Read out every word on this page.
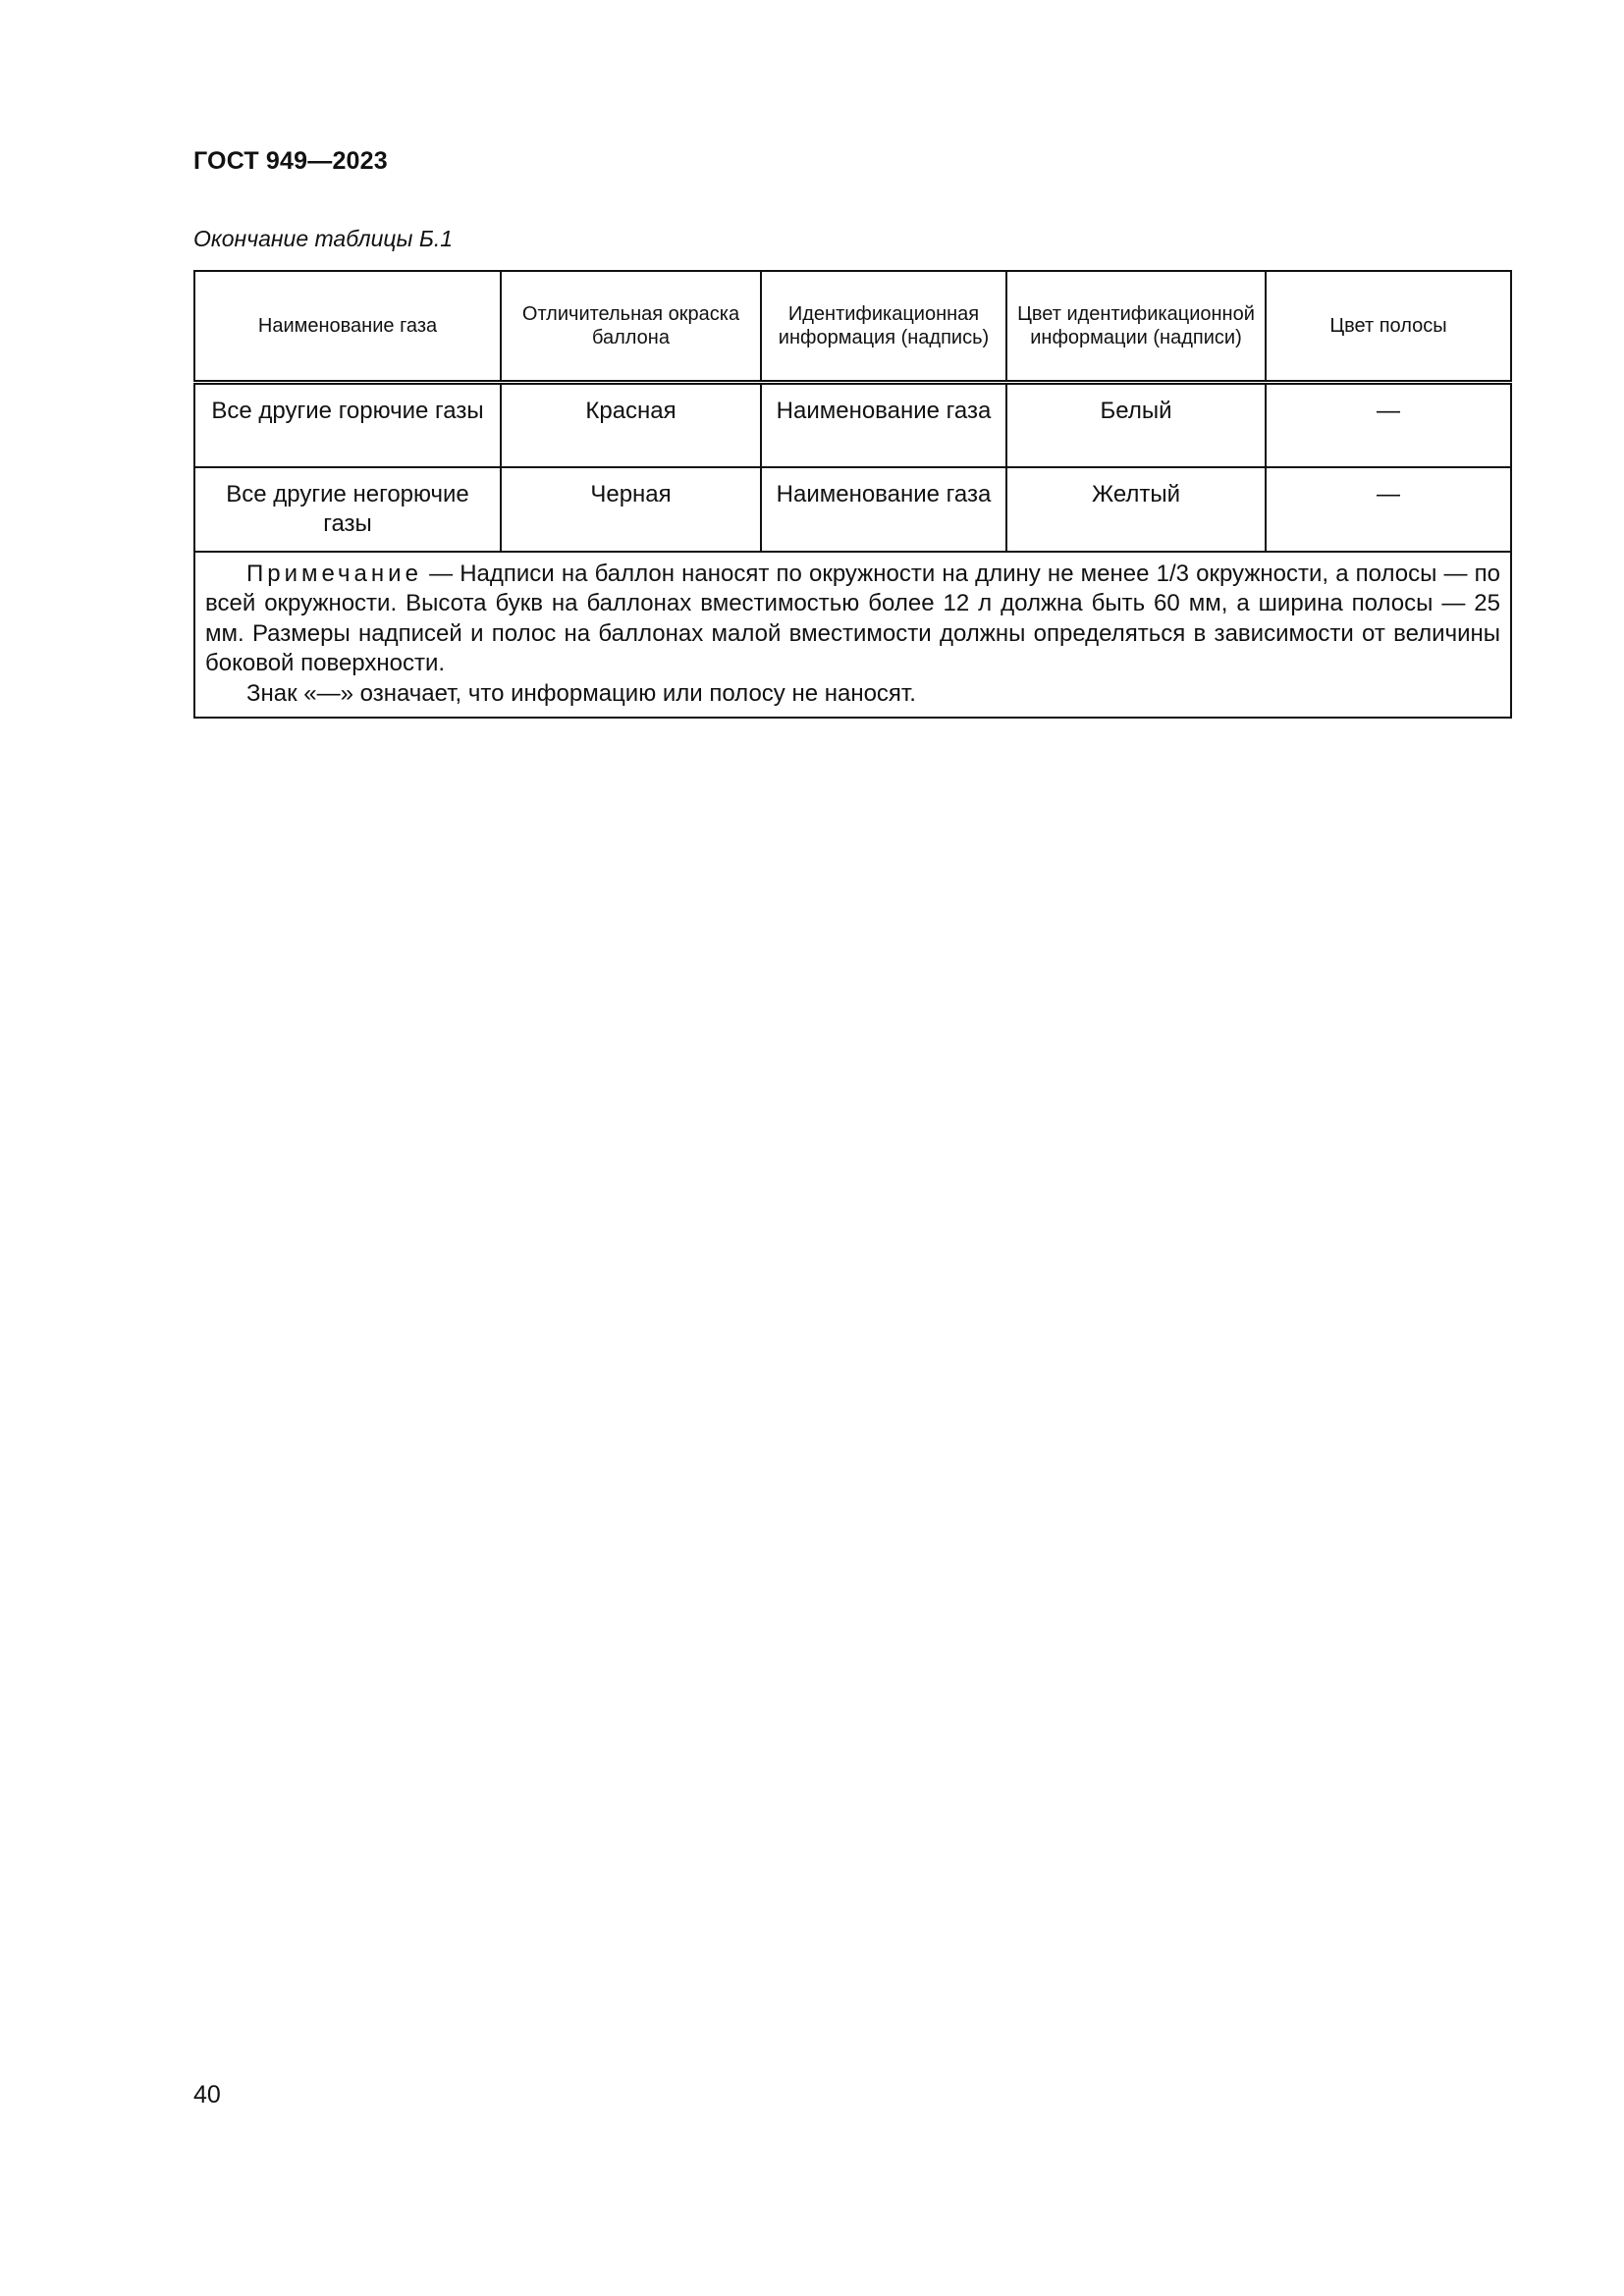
ГОСТ 949—2023
Окончание таблицы Б.1
Наименование газа	Отличительная окраска баллона	Идентификационная информация (надпись)	Цвет идентификационной информации (надписи)	Цвет полосы
Все другие горючие газы	Красная	Наименование газа	Белый	—
Все другие негорючие газы	Черная	Наименование газа	Желтый	—

Примечание — Надписи на баллон наносят по окружности на длину не менее 1/3 окружности, а полосы — по всей окружности. Высота букв на баллонах вместимостью более 12 л должна быть 60 мм, а ширина полосы — 25 мм. Размеры надписей и полос на баллонах малой вместимости должны определяться в зависимости от величины боковой поверхности.
Знак «—» означает, что информацию или полосу не наносят.				
40
